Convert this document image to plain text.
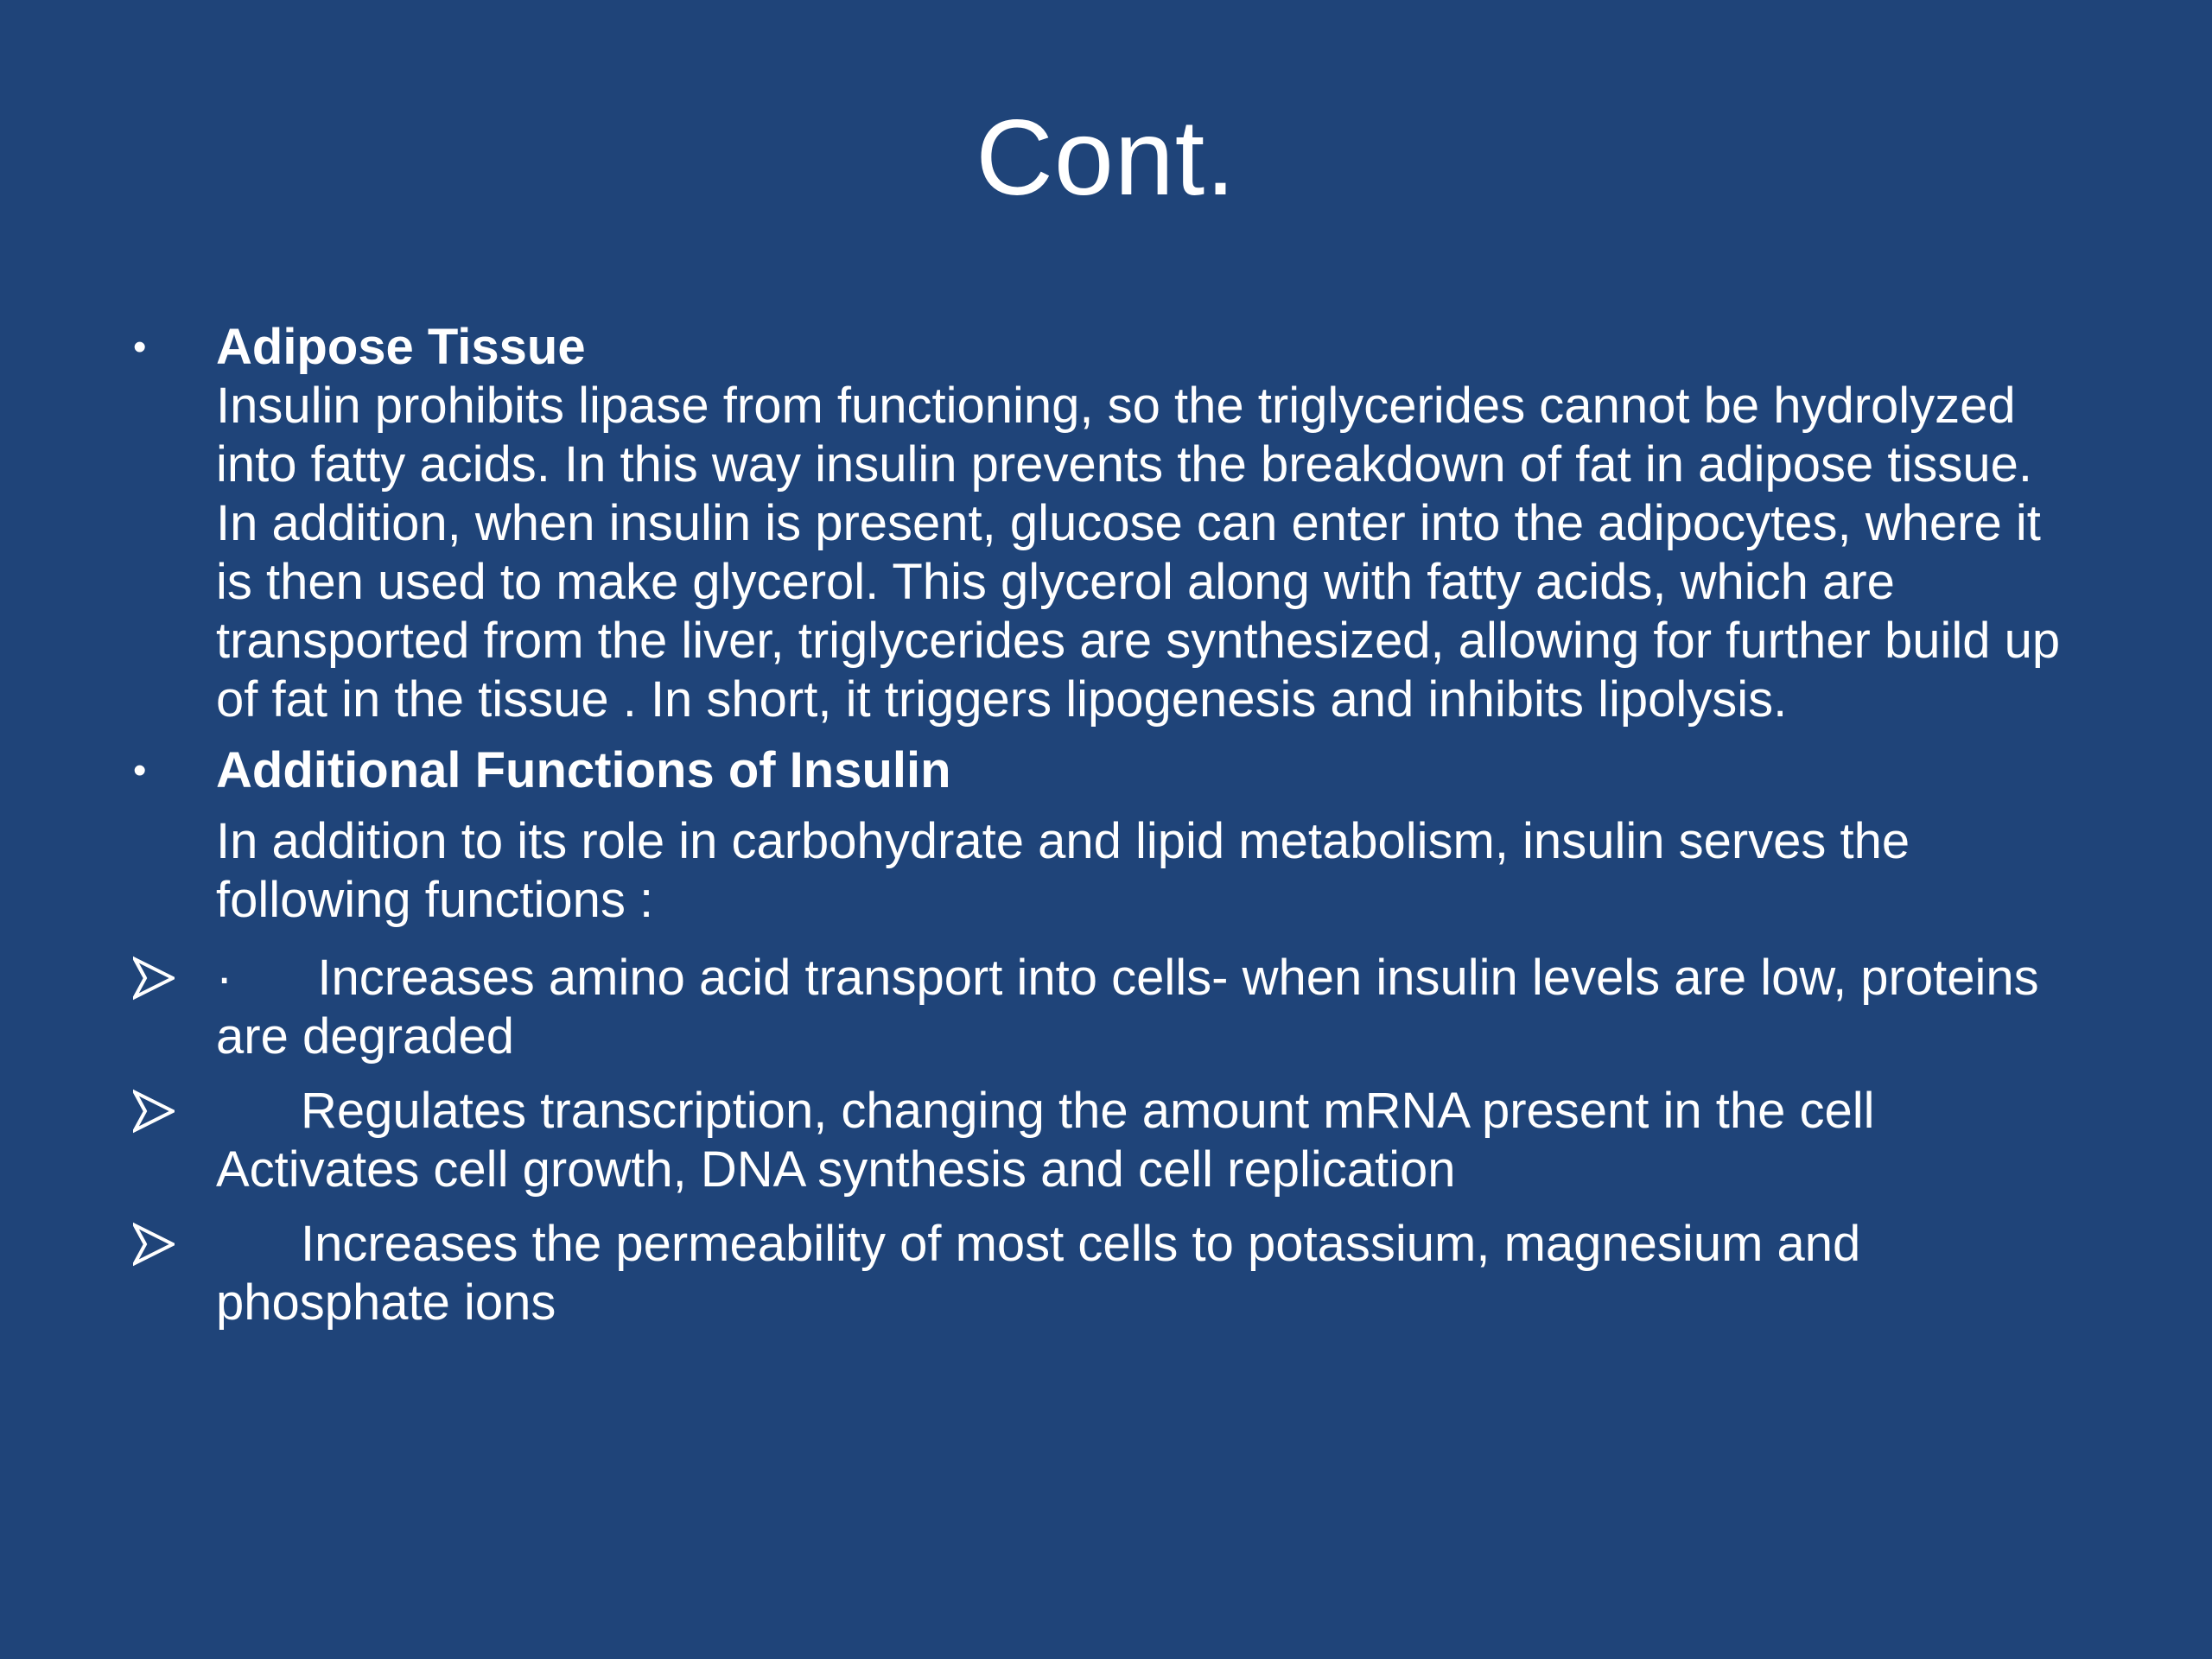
Cont.
•	Adipose Tissue
Insulin prohibits lipase from functioning, so the triglycerides cannot be hydrolyzed into fatty acids. In this way insulin prevents the breakdown of fat in adipose tissue. In addition, when insulin is present, glucose can enter into the adipocytes, where it is then used to make glycerol. This glycerol along with fatty acids, which are transported from the liver, triglycerides are synthesized, allowing for further build up of fat in the tissue . In short, it triggers lipogenesis and inhibits lipolysis.
•	Additional Functions of Insulin
In addition to its role in carbohydrate and lipid metabolism, insulin serves the following functions :
· Increases amino acid transport into cells- when insulin levels are low, proteins are degraded
Regulates transcription, changing the amount mRNA present in the cell Activates cell growth, DNA synthesis and cell replication
Increases the permeability of most cells to potassium, magnesium and phosphate ions
